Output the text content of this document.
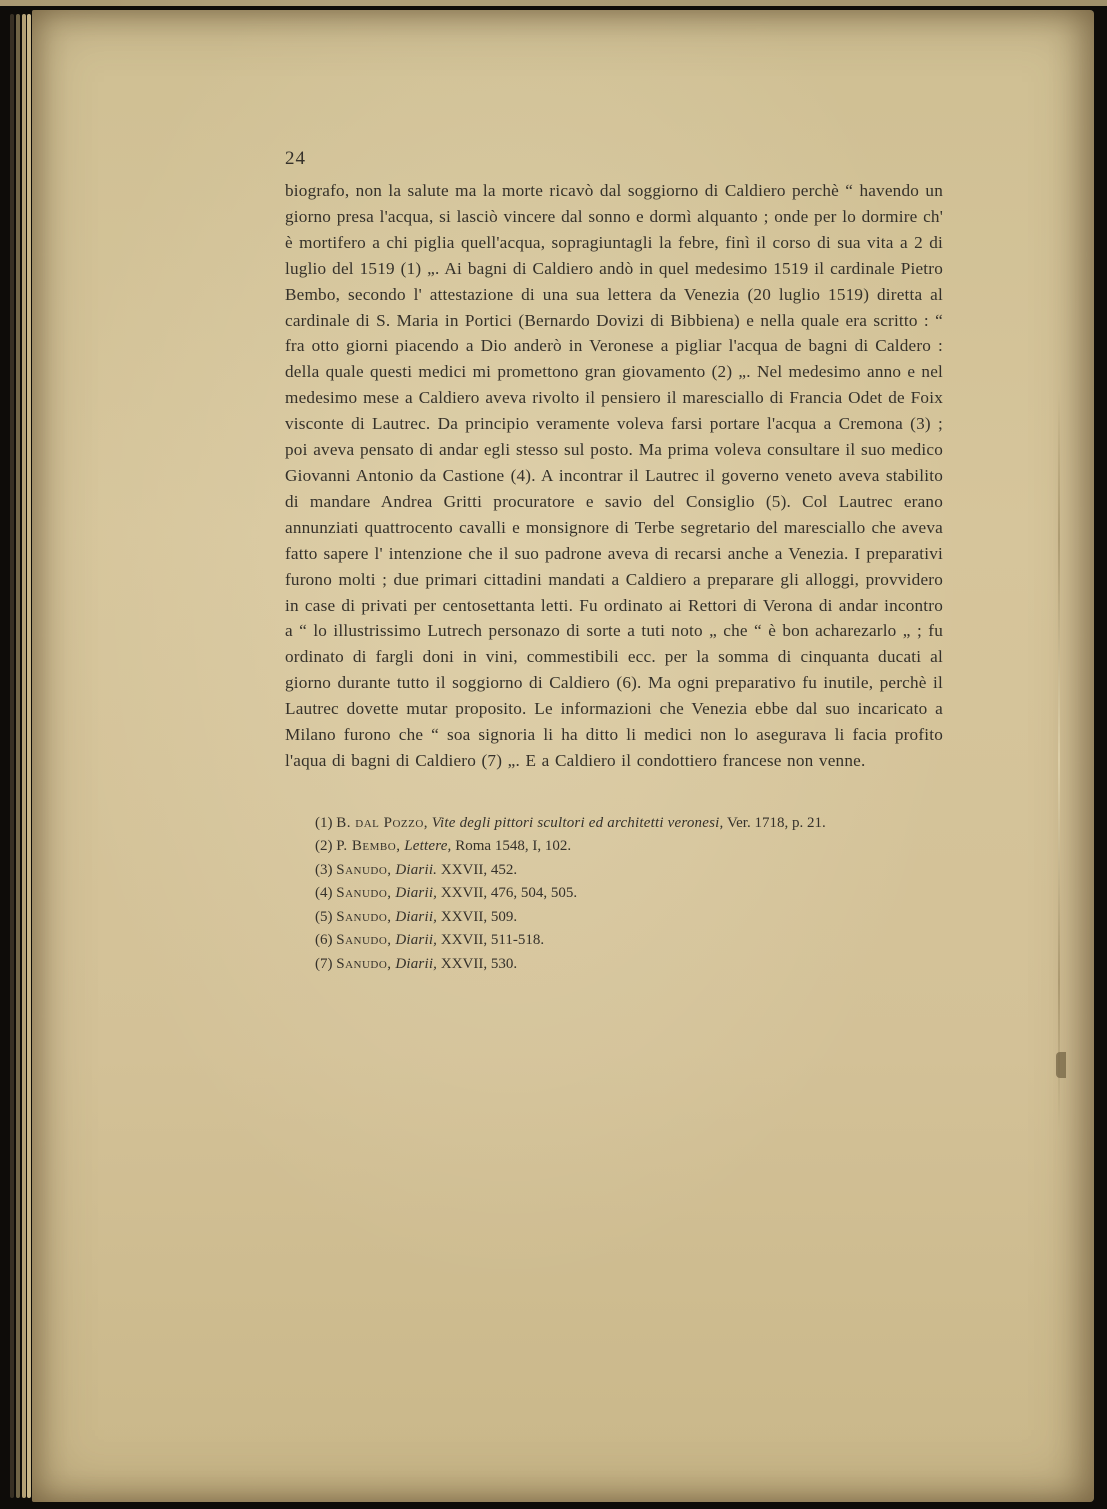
24

biografo, non la salute ma la morte ricavò dal soggiorno di Caldiero perchè “ havendo un giorno presa l'acqua, si lasciò vincere dal sonno e dormì alquanto ; onde per lo dormire ch' è mortifero a chi piglia quell'acqua, sopragiuntagli la febre, finì il corso di sua vita a 2 di luglio del 1519 (1) „. Ai bagni di Caldiero andò in quel medesimo 1519 il cardinale Pietro Bembo, secondo l' attestazione di una sua lettera da Venezia (20 luglio 1519) diretta al cardinale di S. Maria in Portici (Bernardo Dovizi di Bibbiena) e nella quale era scritto : “ fra otto giorni piacendo a Dio anderò in Veronese a pigliar l'acqua de bagni di Caldero : della quale questi medici mi promettono gran giovamento (2) „. Nel medesimo anno e nel medesimo mese a Caldiero aveva rivolto il pensiero il maresciallo di Francia Odet de Foix visconte di Lautrec. Da principio veramente voleva farsi portare l'acqua a Cremona (3) ; poi aveva pensato di andar egli stesso sul posto. Ma prima voleva consultare il suo medico Giovanni Antonio da Castione (4). A incontrar il Lautrec il governo veneto aveva stabilito di mandare Andrea Gritti procuratore e savio del Consiglio (5). Col Lautrec erano annunziati quattrocento cavalli e monsignore di Terbe segretario del maresciallo che aveva fatto sapere l' intenzione che il suo padrone aveva di recarsi anche a Venezia. I preparativi furono molti ; due primari cittadini mandati a Caldiero a preparare gli alloggi, provvidero in case di privati per centosettanta letti. Fu ordinato ai Rettori di Verona di andar incontro a “ lo illustrissimo Lutrech personazo di sorte a tuti noto „ che “ è bon acharezarlo „ ; fu ordinato di fargli doni in vini, commestibili ecc. per la somma di cinquanta ducati al giorno durante tutto il soggiorno di Caldiero (6). Ma ogni preparativo fu inutile, perchè il Lautrec dovette mutar proposito. Le informazioni che Venezia ebbe dal suo incaricato a Milano furono che “ soa signoria li ha ditto li medici non lo asegurava li facia profito l'aqua di bagni di Caldiero (7) „. E a Caldiero il condottiero francese non venne.

(1) B. dal Pozzo, Vite degli pittori scultori ed architetti veronesi, Ver. 1718, p. 21.

(2) P. Bembo, Lettere, Roma 1548, I, 102.

(3) Sanudo, Diarii. XXVII, 452.

(4) Sanudo, Diarii, XXVII, 476, 504, 505.

(5) Sanudo, Diarii, XXVII, 509.

(6) Sanudo, Diarii, XXVII, 511-518.

(7) Sanudo, Diarii, XXVII, 530.
